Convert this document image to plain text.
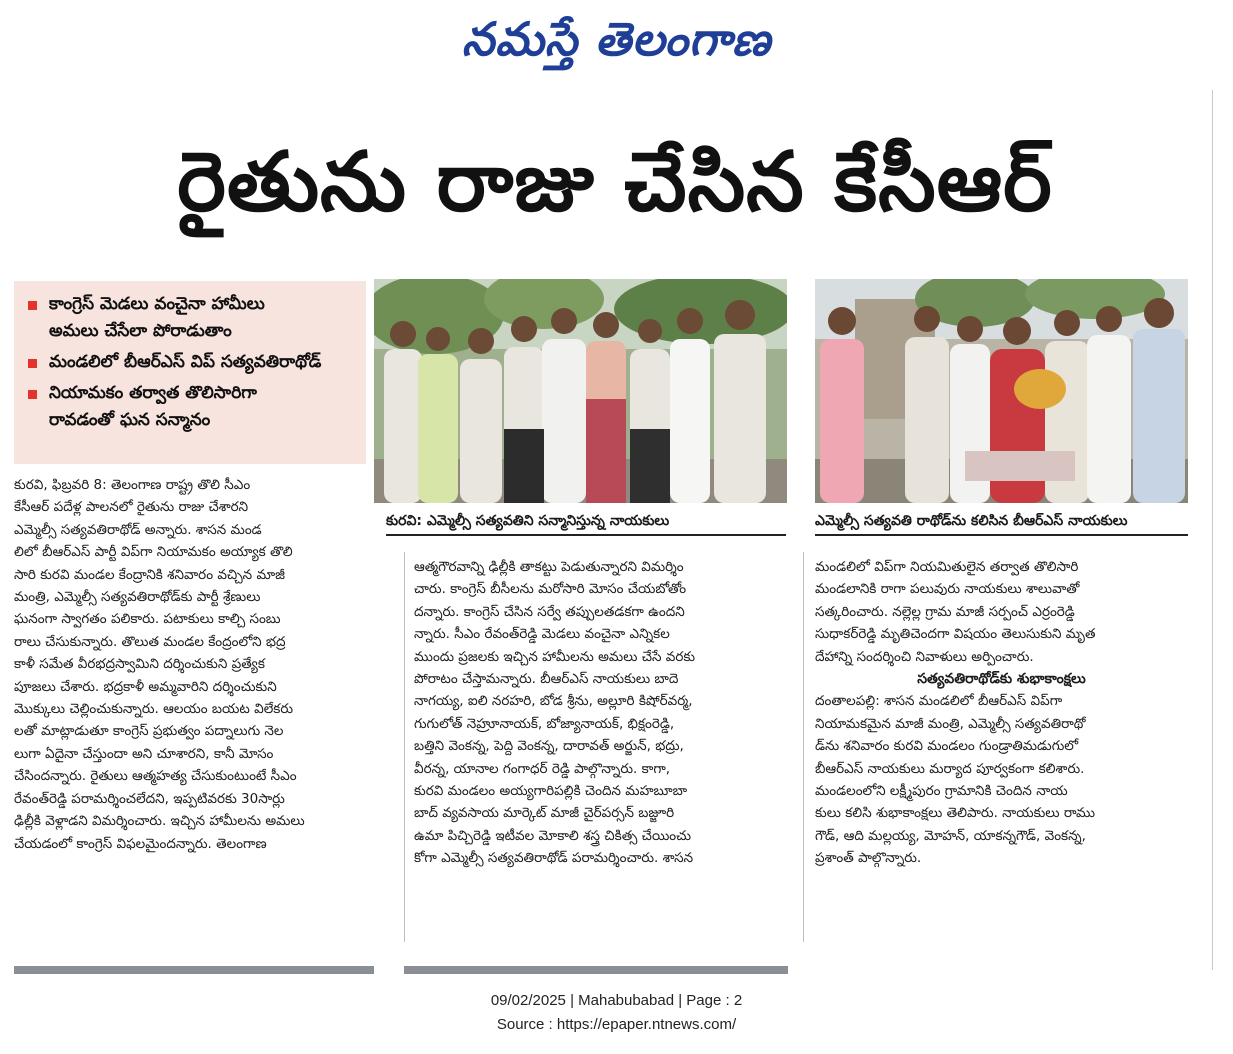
నమస్తే తెలంగాణ
రైతును రాజు చేసిన కేసీఆర్
కాంగ్రెస్ మెడలు వంచైనా హామీలు
అమలు చేసేలా పోరాడుతాం
మండలిలో బీఆర్ఎస్ విప్ సత్యవతిరాథోడ్
నియామకం తర్వాత తొలిసారిగా
రావడంతో ఘన సన్మానం
కురవి: ఎమ్మెల్సీ సత్యవతిని సన్మానిస్తున్న నాయకులు	ఎమ్మెల్సీ సత్యవతి రాథోడ్‌ను కలిసిన బీఆర్ఎస్ నాయకులు

కురవి, ఫిబ్రవరి 8: తెలంగాణ రాష్ట్ర తొలి సీఎం

కేసీఆర్ పదేళ్ల పాలనలో రైతును రాజు చేశారని

ఎమ్మెల్సీ సత్యవతిరాథోడ్ అన్నారు. శాసన మండ

లిలో బీఆర్ఎస్ పార్టీ విప్‌గా నియామకం అయ్యాక తొలి

సారి కురవి మండల కేంద్రానికి శనివారం వచ్చిన మాజీ

మంత్రి, ఎమ్మెల్సీ సత్యవతిరాథోడ్‌కు పార్టీ శ్రేణులు

ఘనంగా స్వాగతం పలికారు. పటాకులు కాల్చి సంబు

రాలు చేసుకున్నారు. తొలుత మండల కేంద్రంలోని భద్ర

కాళీ సమేత వీరభద్రస్వామిని దర్శించుకుని ప్రత్యేక

పూజలు చేశారు. భద్రకాళీ అమ్మవారిని దర్శించుకుని

మొక్కులు చెల్లించుకున్నారు. ఆలయం బయట విలేకరు

లతో మాట్లాడుతూ కాంగ్రెస్ ప్రభుత్వం పద్నాలుగు నెల

లుగా ఏదైనా చేస్తుందా అని చూశారని, కానీ మోసం

చేసిందన్నారు. రైతులు ఆత్మహత్య చేసుకుంటుంటే సీఎం

రేవంత్‌రెడ్డి పరామర్శించలేదని, ఇప్పటివరకు 30సార్లు

ఢిల్లీకి వెళ్లాడని విమర్శించారు. ఇచ్చిన హామీలను అమలు

చేయడంలో కాంగ్రెస్ విఫలమైందన్నారు. తెలంగాణ

ఆత్మగౌరవాన్ని ఢిల్లీకి తాకట్టు పెడుతున్నారని విమర్శిం

చారు. కాంగ్రెస్ బీసీలను మరోసారి మోసం చేయబోతోం

దన్నారు. కాంగ్రెస్ చేసిన సర్వే తప్పులతడకగా ఉందని

న్నారు. సీఎం రేవంత్‌రెడ్డి మెడలు వంచైనా ఎన్నికల

ముందు ప్రజలకు ఇచ్చిన హామీలను అమలు చేసే వరకు

పోరాటం చేస్తామన్నారు. బీఆర్ఎస్ నాయకులు బాదె

నాగయ్య, ఐలి నరహరి, బోడ శ్రీను, అల్లూరి కిషోర్‌వర్మ,

గుగులోత్ నెహ్రూనాయక్, బోజ్యానాయక్, భిక్షంరెడ్డి,

బత్తిని వెంకన్న, పెద్ది వెంకన్న, దారావత్ అర్జున్, భద్రు,

వీరన్న, యానాల గంగాధర్ రెడ్డి పాల్గొన్నారు. కాగా,

కురవి మండలం అయ్యగారిపల్లికి చెందిన మహబూబా

బాద్ వ్యవసాయ మార్కెట్ మాజీ చైర్‌పర్సన్ బజ్జూరి

ఉమా పిచ్చిరెడ్డి ఇటీవల మోకాలి శస్త్ర చికిత్స చేయించు

కోగా ఎమ్మెల్సీ సత్యవతిరాథోడ్ పరామర్శించారు. శాసన

మండలిలో విప్‌గా నియమితులైన తర్వాత తొలిసారి

మండలానికి రాగా పలువురు నాయకులు శాలువాతో

సత్కరించారు. నల్లెల్ల గ్రామ మాజీ సర్పంచ్ ఎర్రంరెడ్డి

సుధాకర్‌రెడ్డి మృతిచెందగా విషయం తెలుసుకుని మృత

దేహాన్ని సందర్శించి నివాళులు అర్పించారు.

సత్యవతిరాథోడ్‌కు శుభాకాంక్షలు

దంతాలపల్లి: శాసన మండలిలో బీఆర్ఎస్ విప్‌గా

నియామకమైన మాజీ మంత్రి, ఎమ్మెల్సీ సత్యవతిరాథో

డ్‌ను శనివారం కురవి మండలం గుండ్రాతిమడుగులో

బీఆర్ఎస్ నాయకులు మర్యాద పూర్వకంగా కలిశారు.

మండలంలోని లక్ష్మీపురం గ్రామానికి చెందిన నాయ

కులు కలిసి శుభాకాంక్షలు తెలిపారు. నాయకులు రాము

గౌడ్, ఆది మల్లయ్య, మోహన్, యాకన్నగౌడ్, వెంకన్న,

ప్రశాంత్ పాల్గొన్నారు.

09/02/2025 | Mahabubabad | Page : 2
Source : https://epaper.ntnews.com/
